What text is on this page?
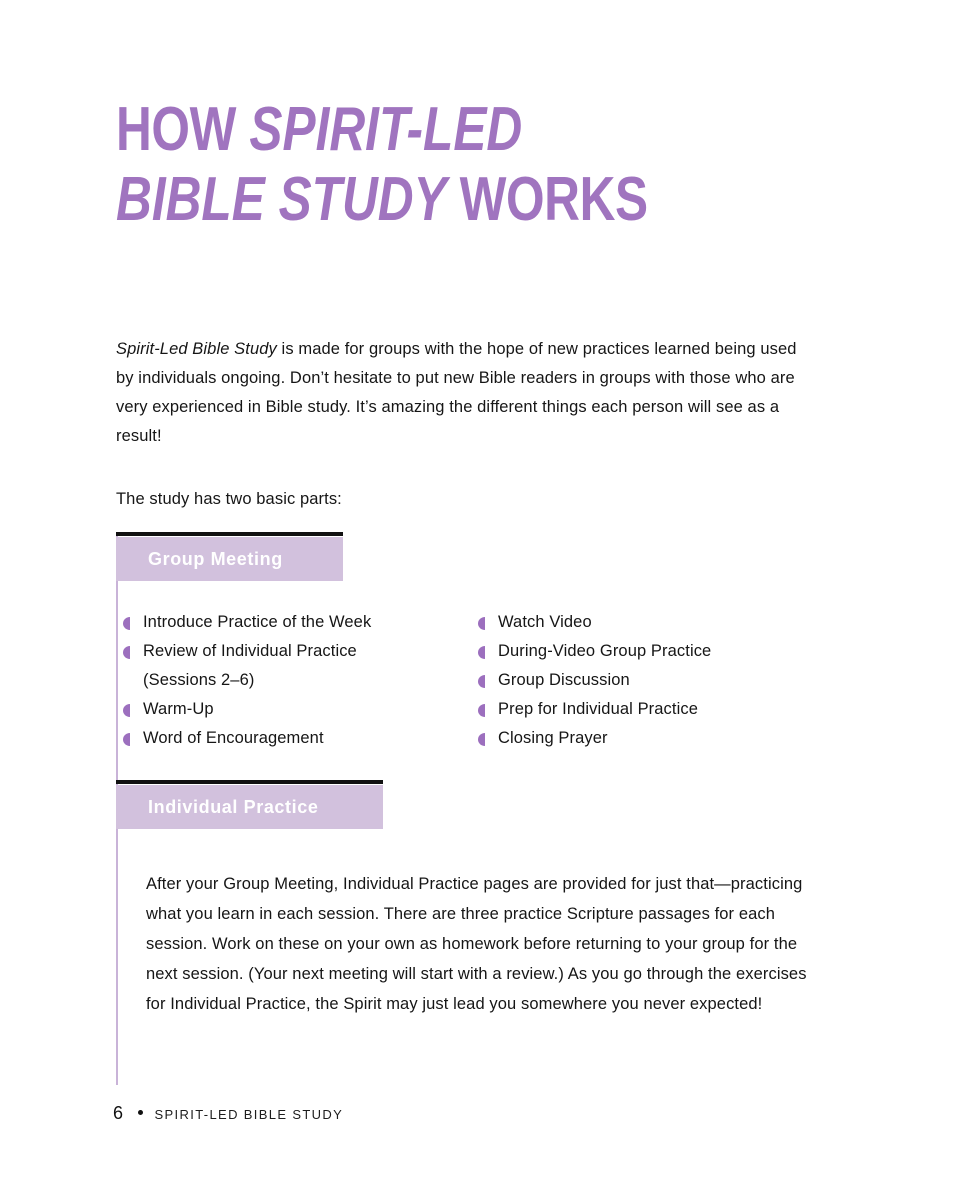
HOW SPIRIT-LED
BIBLE STUDY WORKS

Spirit-Led Bible Study is made for groups with the hope of new practices learned being used by individuals ongoing. Don’t hesitate to put new Bible readers in groups with those who are very experienced in Bible study. It’s amazing the different things each person will see as a result!

The study has two basic parts:

Group Meeting
Introduce Practice of the Week
Review of Individual Practice
(Sessions 2–6)
Warm-Up
Word of Encouragement
Watch Video
During-Video Group Practice
Group Discussion
Prep for Individual Practice
Closing Prayer
Individual Practice

After your Group Meeting, Individual Practice pages are provided for just that—practicing what you learn in each session. There are three practice Scripture passages for each session. Work on these on your own as homework before returning to your group for the next session. (Your next meeting will start with a review.) As you go through the exercises for Individual Practice, the Spirit may just lead you somewhere you never expected!

6 SPIRIT-LED BIBLE STUDY
